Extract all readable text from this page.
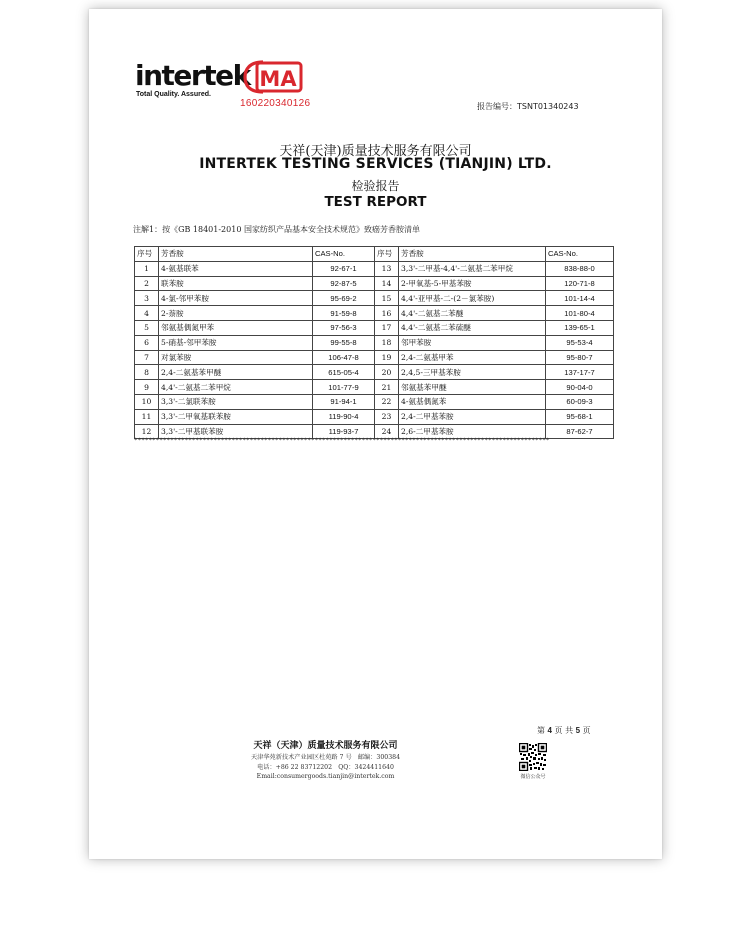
intertek
Total Quality. Assured.
MA
160220340126	报告编号：TSNT01340243
天祥(天津)质量技术服务有限公司
INTERTEK TESTING SERVICES (TIANJIN) LTD.
检验报告
TEST REPORT
注解1：按《GB 18401-2010 国家纺织产品基本安全技术规范》致癌芳香胺清单
序号	芳香胺	CAS-No.	序号	芳香胺	CAS-No.
1	4-氨基联苯	92-67-1	13	3,3'-二甲基-4,4'-二氨基二苯甲烷	838-88-0
2	联苯胺	92-87-5	14	2-甲氧基-5-甲基苯胺	120-71-8
3	4-氯-邻甲苯胺	95-69-2	15	4,4'-亚甲基-二-(2－氯苯胺)	101-14-4
4	2-萘胺	91-59-8	16	4,4'-二氨基二苯醚	101-80-4
5	邻氨基偶氮甲苯	97-56-3	17	4,4'-二氨基二苯硫醚	139-65-1
6	5-硝基-邻甲苯胺	99-55-8	18	邻甲苯胺	95-53-4
7	对氯苯胺	106-47-8	19	2,4-二氨基甲苯	95-80-7
8	2,4-二氨基苯甲醚	615-05-4	20	2,4,5-三甲基苯胺	137-17-7
9	4,4'-二氨基二苯甲烷	101-77-9	21	邻氨基苯甲醚	90-04-0
10	3,3'-二氯联苯胺	91-94-1	22	4-氨基偶氮苯	60-09-3
11	3,3'-二甲氧基联苯胺	119-90-4	23	2,4-二甲基苯胺	95-68-1
12	3,3'-二甲基联苯胺	119-93-7	24	2,6-二甲基苯胺	87-62-7
*******************************************************************************************************************
第 4 页 共 5 页
天祥（天津）质量技术服务有限公司
天津华苑新技术产业园区杜苑路 7 号　邮编：300384
电话：+86 22 83712202　QQ：3424411640
Email:consumergoods.tianjin@intertek.com	微信公众号
